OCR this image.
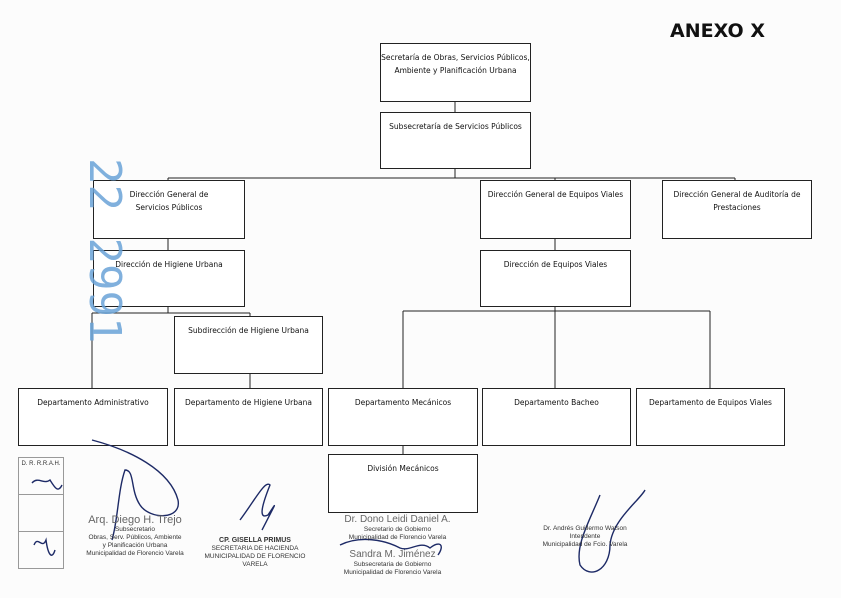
ANEXO X
Secretaría de Obras, Servicios Públicos, Ambiente y Planificación Urbana
Subsecretaría de Servicios Públicos
Dirección General de Servicios Públicos
Dirección General de Equipos Viales	Dirección General de Auditoría de Prestaciones
Dirección de Higiene Urbana	Dirección de Equipos Viales
Subdirección de Higiene Urbana
Departamento Administrativo	Departamento de Higiene Urbana	Departamento Mecánicos	Departamento Bacheo	Departamento de Equipos Viales
División Mecánicos
22 2991
D. R. R.R.A.H.
Arq. Diego H. Trejo
Subsecretario
Obras, Serv. Públicos, Ambiente
y Planificación Urbana
Municipalidad de Florencio Varela
CP. GISELLA PRIMUS
SECRETARIA DE HACIENDA
MUNICIPALIDAD DE FLORENCIO VARELA
Dr. Dono Leidi Daniel A.
Secretario de Gobierno
Municipalidad de Florencio Varela
Sandra M. Jiménez
Subsecretaria de Gobierno
Municipalidad de Florencio Varela
Dr. Andrés Guillermo Watson
Intendente
Municipalidad de Fcio. Varela
